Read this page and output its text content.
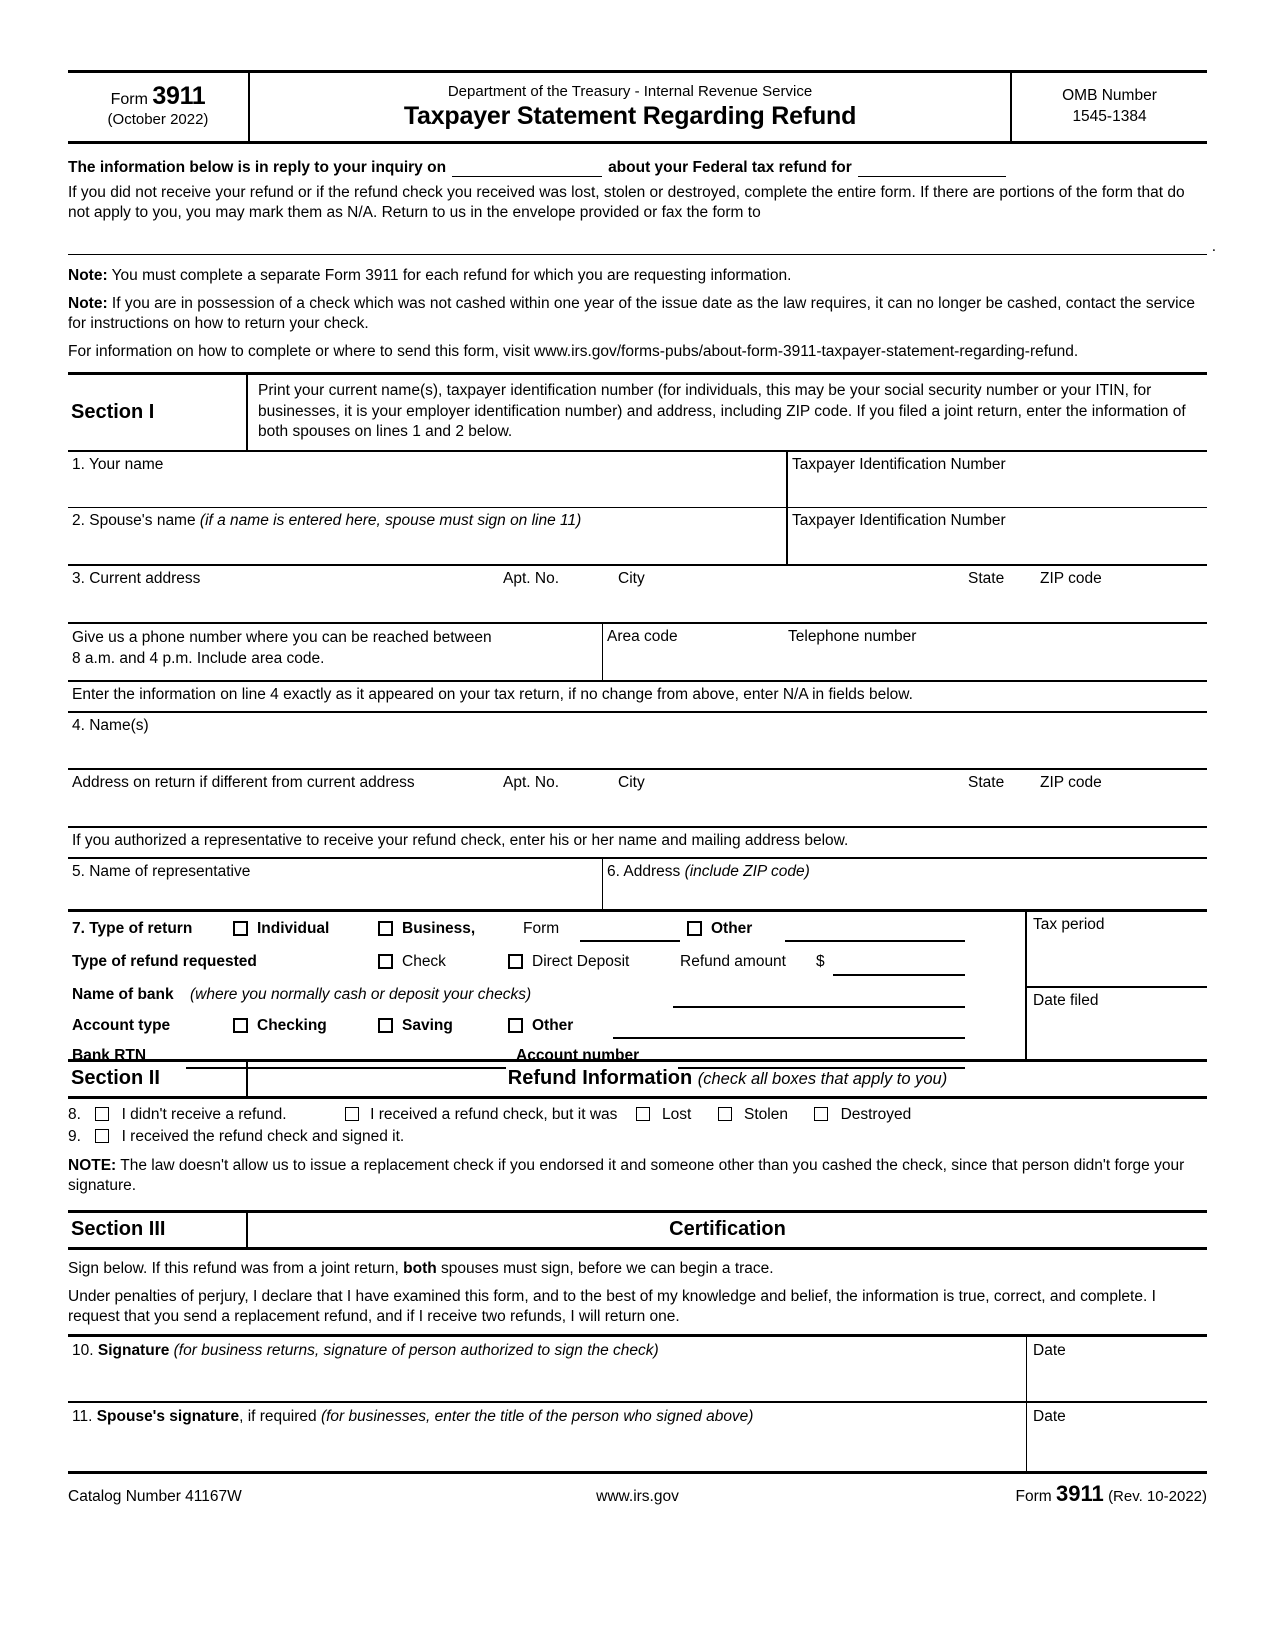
Form 3911
(October 2022)
Department of the Treasury - Internal Revenue Service
Taxpayer Statement Regarding Refund
OMB Number
1545-1384
The information below is in reply to your inquiry on	about your Federal tax refund for
If you did not receive your refund or if the refund check you received was lost, stolen or destroyed, complete the entire form. If there are portions of the form that do not apply to you, you may mark them as N/A. Return to us in the envelope provided or fax the form to
.
Note: You must complete a separate Form 3911 for each refund for which you are requesting information.
Note: If you are in possession of a check which was not cashed within one year of the issue date as the law requires, it can no longer be cashed, contact the service for instructions on how to return your check.
For information on how to complete or where to send this form, visit www.irs.gov/forms-pubs/about-form-3911-taxpayer-statement-regarding-refund.
Section I
Print your current name(s), taxpayer identification number (for individuals, this may be your social security number or your ITIN, for businesses, it is your employer identification number) and address, including ZIP code. If you filed a joint return, enter the information of both spouses on lines 1 and 2 below.
1. Your name	Taxpayer Identification Number
2. Spouse's name (if a name is entered here, spouse must sign on line 11)	Taxpayer Identification Number
3. Current address	Apt. No.	City	State ZIP code
Give us a phone number where you can be reached between
8 a.m. and 4 p.m. Include area code.
Area code	Telephone number
Enter the information on line 4 exactly as it appeared on your tax return, if no change from above, enter N/A in fields below.
4. Name(s)
Address on return if different from current address	Apt. No.	City	State ZIP code
If you authorized a representative to receive your refund check, enter his or her name and mailing address below.
5. Name of representative	6. Address (include ZIP code)
7. Type of return	Individual	Business,	Form	Other
Type of refund requested	Check	Direct Deposit	Refund amount $
Name of bank (where you normally cash or deposit your checks)
Account type	Checking	Saving	Other
Bank RTN	Account number
Tax period
Date filed
Section II	Refund Information (check all boxes that apply to you)
8.	I didn't receive a refund.	I received a refund check, but it was	Lost	Stolen	Destroyed
9.	I received the refund check and signed it.
NOTE: The law doesn't allow us to issue a replacement check if you endorsed it and someone other than you cashed the check, since that person didn't forge your signature.
Section III	Certification
Sign below. If this refund was from a joint return, both spouses must sign, before we can begin a trace.
Under penalties of perjury, I declare that I have examined this form, and to the best of my knowledge and belief, the information is true, correct, and complete. I request that you send a replacement refund, and if I receive two refunds, I will return one.
10. Signature (for business returns, signature of person authorized to sign the check)	Date
11. Spouse's signature, if required (for businesses, enter the title of the person who signed above)	Date
Catalog Number 41167W	www.irs.gov	Form 3911 (Rev. 10-2022)
